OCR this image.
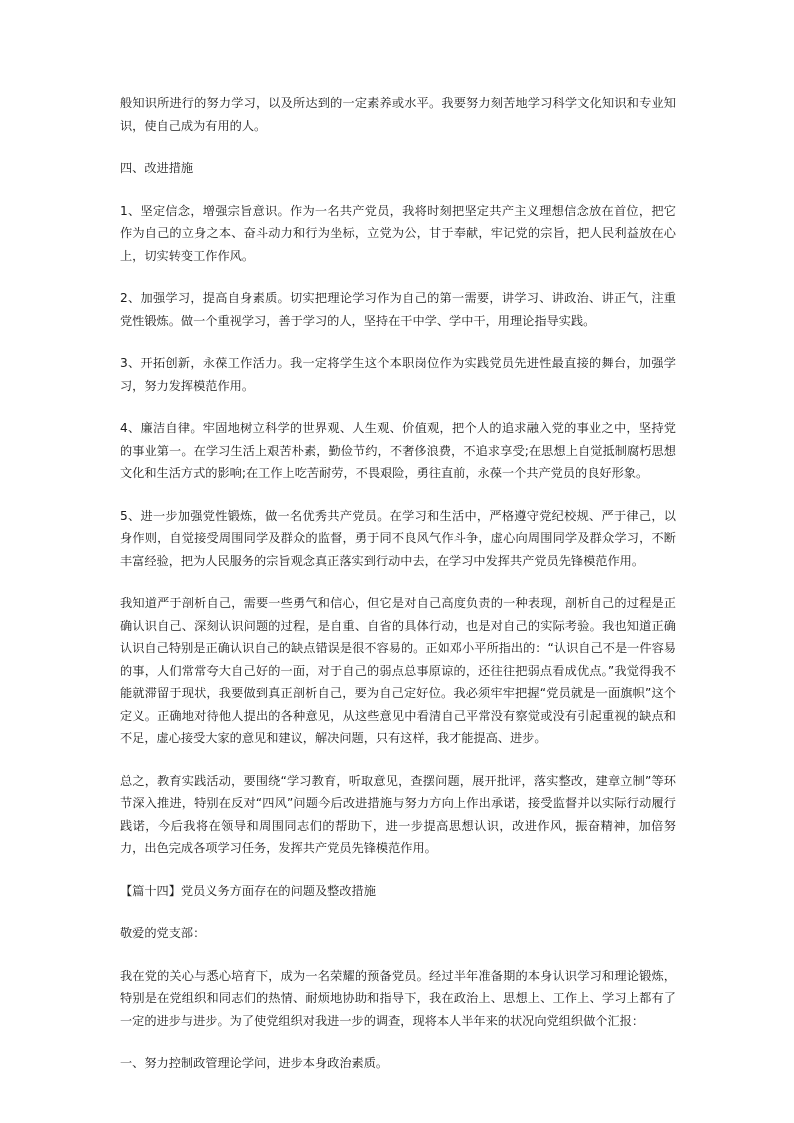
般知识所进行的努力学习，以及所达到的一定素养或水平。我要努力刻苦地学习科学文化知识和专业知识，使自己成为有用的人。

四、改进措施

1、坚定信念，增强宗旨意识。作为一名共产党员，我将时刻把坚定共产主义理想信念放在首位，把它作为自己的立身之本、奋斗动力和行为坐标，立党为公，甘于奉献，牢记党的宗旨，把人民利益放在心上，切实转变工作作风。

2、加强学习，提高自身素质。切实把理论学习作为自己的第一需要，讲学习、讲政治、讲正气，注重党性锻炼。做一个重视学习，善于学习的人，坚持在干中学、学中干，用理论指导实践。

3、开拓创新，永葆工作活力。我一定将学生这个本职岗位作为实践党员先进性最直接的舞台，加强学习，努力发挥模范作用。

4、廉洁自律。牢固地树立科学的世界观、人生观、价值观，把个人的追求融入党的事业之中，坚持党的事业第一。在学习生活上艰苦朴素，勤俭节约，不奢侈浪费，不追求享受;在思想上自觉抵制腐朽思想文化和生活方式的影响;在工作上吃苦耐劳，不畏艰险，勇往直前，永葆一个共产党员的良好形象。

5、进一步加强党性锻炼，做一名优秀共产党员。在学习和生活中，严格遵守党纪校规、严于律己，以身作则，自觉接受周围同学及群众的监督，勇于同不良风气作斗争，虚心向周围同学及群众学习，不断丰富经验，把为人民服务的宗旨观念真正落实到行动中去，在学习中发挥共产党员先锋模范作用。

我知道严于剖析自己，需要一些勇气和信心，但它是对自己高度负责的一种表现，剖析自己的过程是正确认识自己、深刻认识问题的过程，是自重、自省的具体行动，也是对自己的实际考验。我也知道正确认识自己特别是正确认识自己的缺点错误是很不容易的。正如邓小平所指出的：“认识自己不是一件容易的事，人们常常夸大自己好的一面，对于自己的弱点总事原谅的，还往往把弱点看成优点。”我觉得我不能就滞留于现状，我要做到真正剖析自己，要为自己定好位。我必须牢牢把握“党员就是一面旗帜”这个定义。正确地对待他人提出的各种意见，从这些意见中看清自己平常没有察觉或没有引起重视的缺点和不足，虚心接受大家的意见和建议，解决问题，只有这样，我才能提高、进步。

总之，教育实践活动，要围绕“学习教育，听取意见，查摆问题，展开批评，落实整改，建章立制”等环节深入推进，特别在反对“四风”问题今后改进措施与努力方向上作出承诺，接受监督并以实际行动履行践诺，今后我将在领导和周围同志们的帮助下，进一步提高思想认识，改进作风，振奋精神，加倍努力，出色完成各项学习任务，发挥共产党员先锋模范作用。

【篇十四】党员义务方面存在的问题及整改措施

敬爱的党支部：

我在党的关心与悉心培育下，成为一名荣耀的预备党员。经过半年准备期的本身认识学习和理论锻炼，特别是在党组织和同志们的热情、耐烦地协助和指导下，我在政治上、思想上、工作上、学习上都有了一定的进步与进步。为了使党组织对我进一步的调查，现将本人半年来的状况向党组织做个汇报：

一、努力控制政管理论学问，进步本身政治素质。
